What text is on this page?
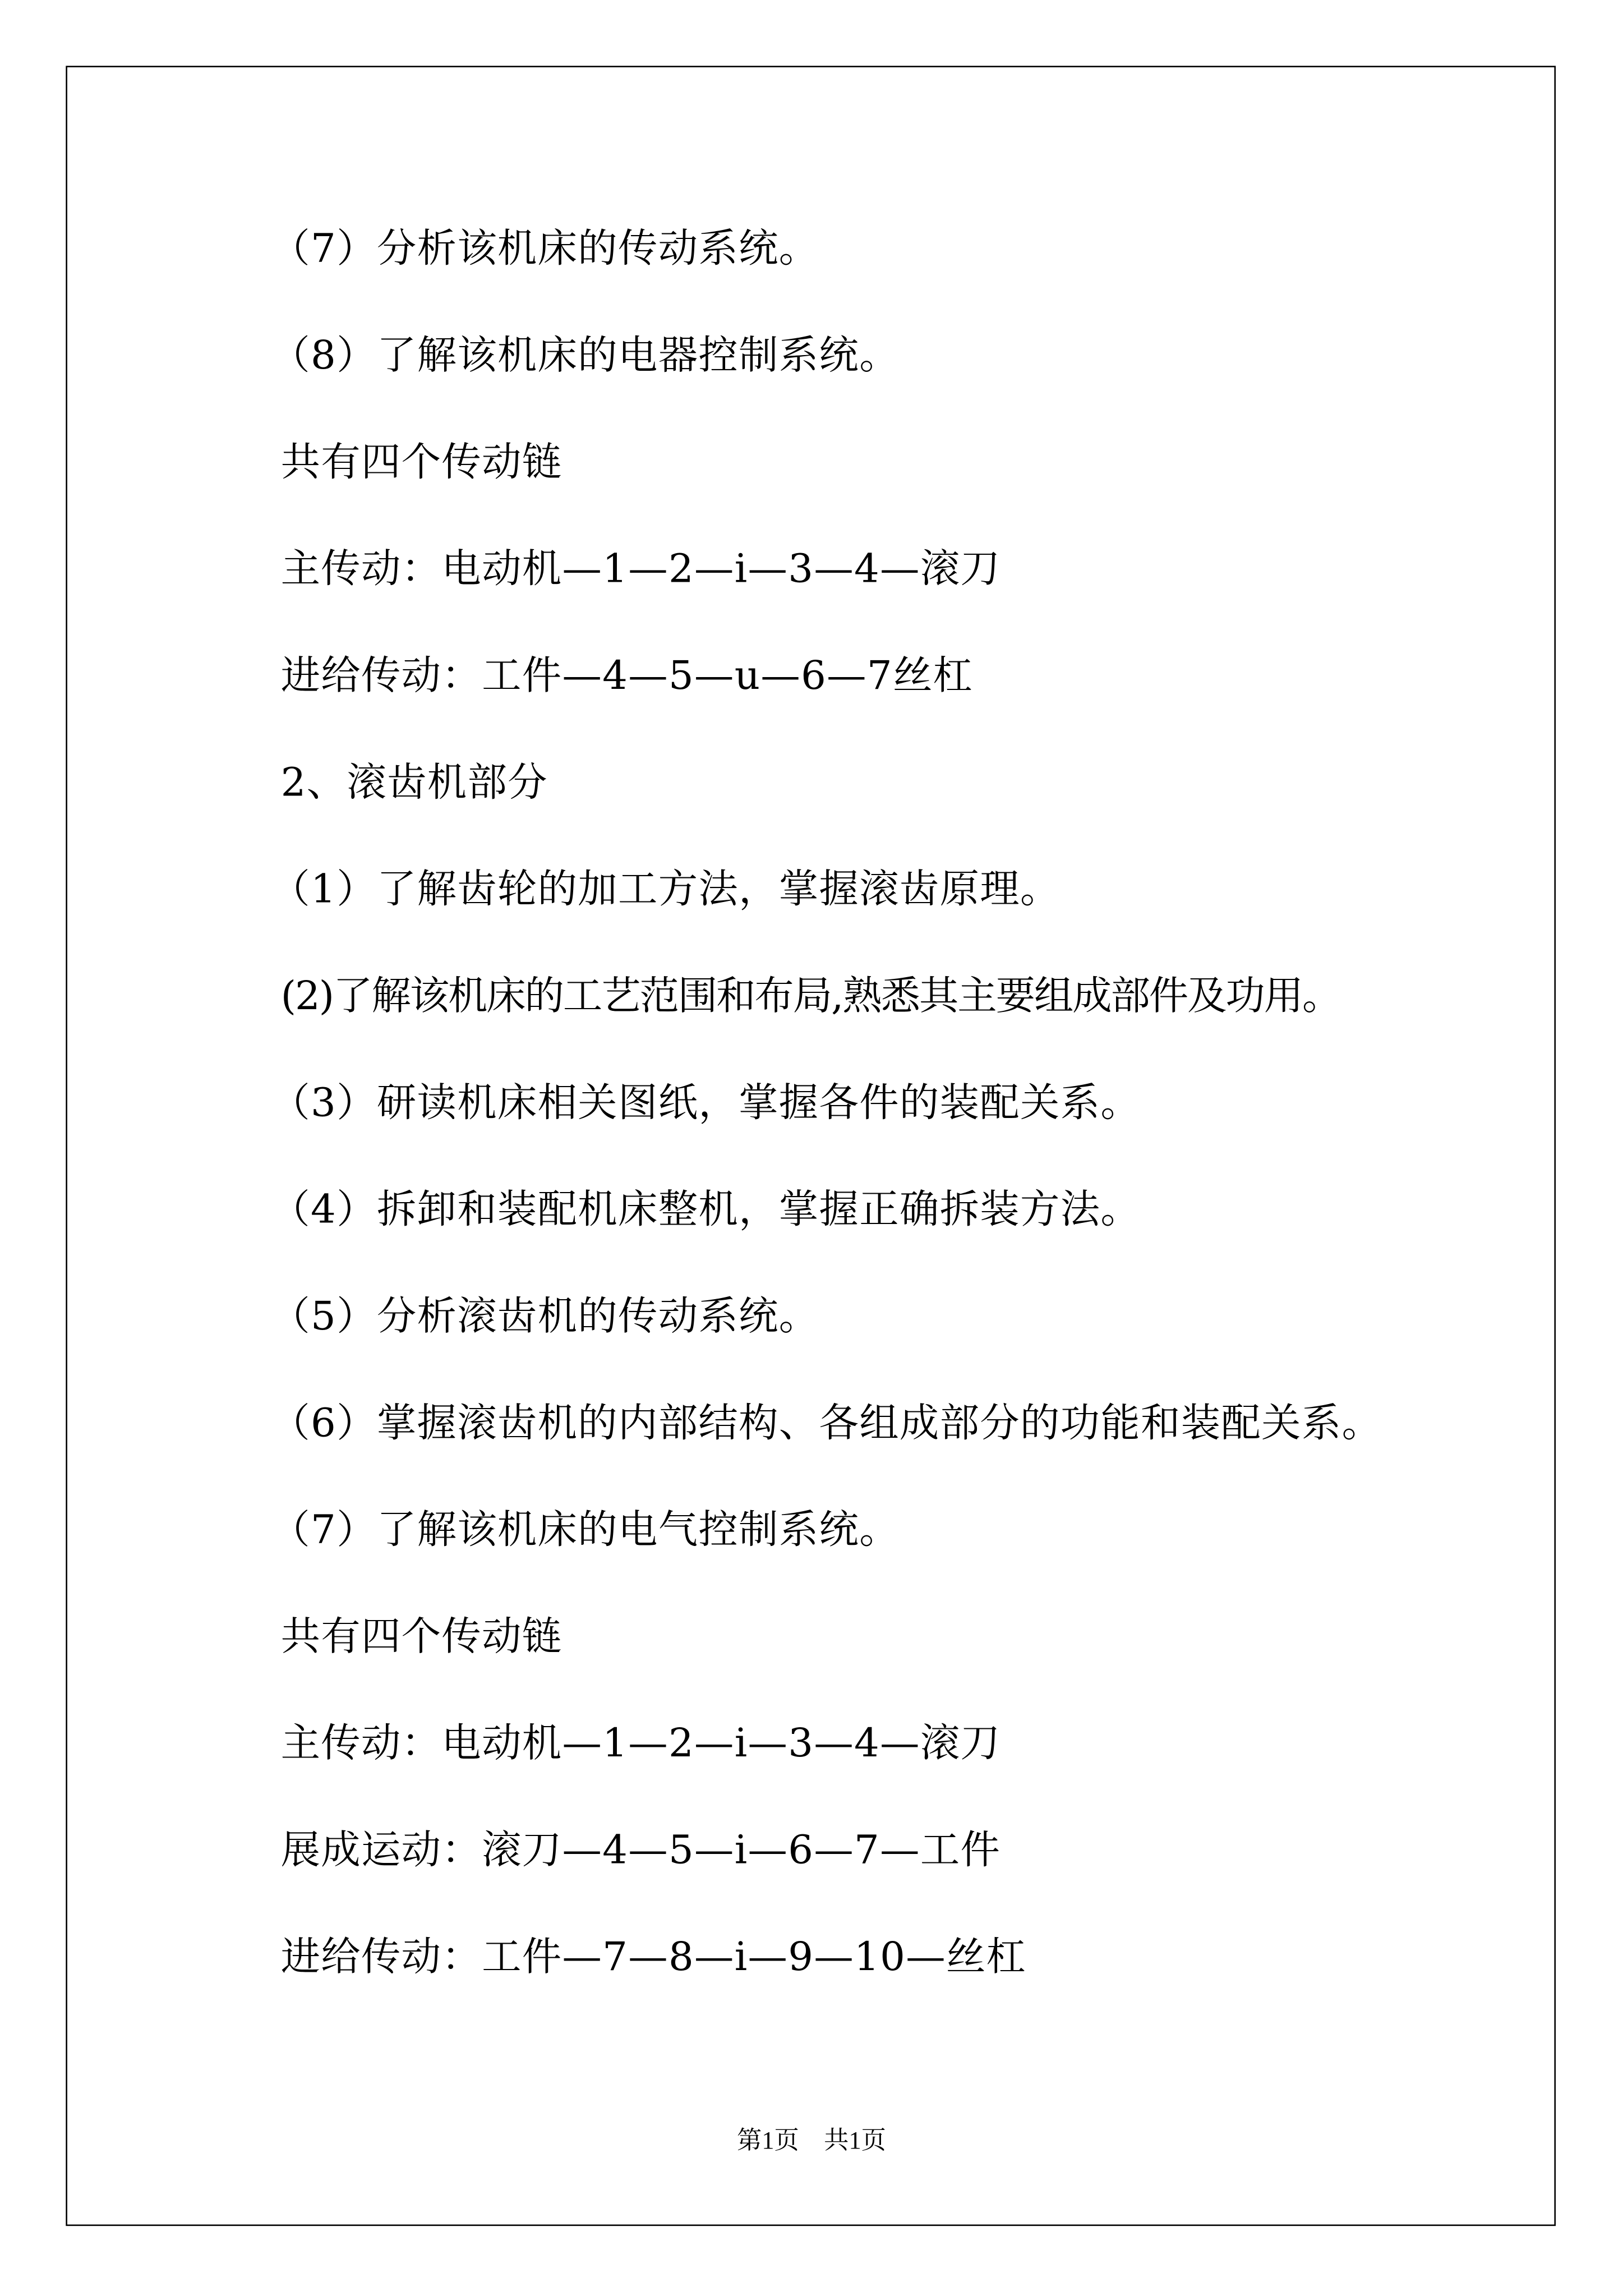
（7）分析该机床的传动系统。
（8）了解该机床的电器控制系统。
共有四个传动链
主传动：电动机—1—2—i—3—4—滚刀
进给传动：工件—4—5—u—6—7丝杠
2、滚齿机部分
（1）了解齿轮的加工方法，掌握滚齿原理。
(2)了解该机床的工艺范围和布局,熟悉其主要组成部件及功用。
（3）研读机床相关图纸，掌握各件的装配关系。
（4）拆卸和装配机床整机，掌握正确拆装方法。
（5）分析滚齿机的传动系统。
（6）掌握滚齿机的内部结构、各组成部分的功能和装配关系。
（7）了解该机床的电气控制系统。
共有四个传动链
主传动：电动机—1—2—i—3—4—滚刀
展成运动：滚刀—4—5—i—6—7—工件
进给传动：工件—7—8—i—9—10—丝杠
第1页　共1页
